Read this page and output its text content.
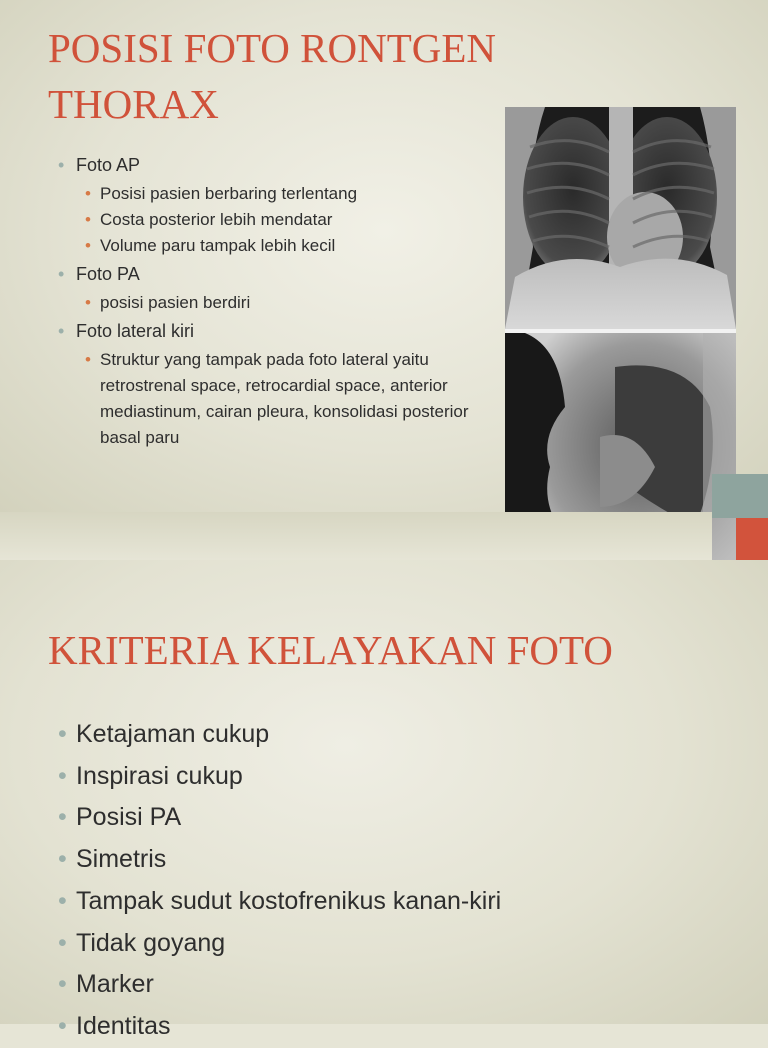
POSISI FOTO RONTGEN THORAX
• Foto AP
• Posisi pasien berbaring terlentang
• Costa posterior lebih mendatar
• Volume paru tampak lebih kecil
• Foto PA
• posisi pasien berdiri
• Foto lateral kiri
• Struktur yang tampak pada foto lateral yaitu retrostrenal space, retrocardial space, anterior mediastinum, cairan pleura, konsolidasi posterior basal paru
KRITERIA KELAYAKAN FOTO
• Ketajaman cukup
• Inspirasi cukup
• Posisi PA
• Simetris
• Tampak sudut kostofrenikus kanan-kiri
• Tidak goyang
• Marker
• Identitas
